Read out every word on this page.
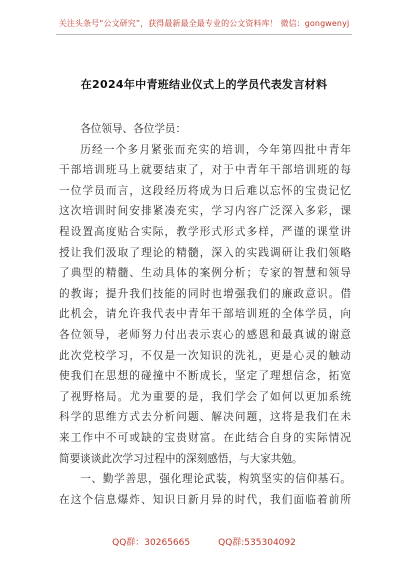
关注头条号“公文研究”，获得最新最全最专业的公文资料库！ 微信：gongwenyj
在2024年中青班结业仪式上的学员代表发言材料
各位领导、各位学员：
历经一个多月紧张而充实的培训，今年第四批中青年
干部培训班马上就要结束了，对于中青年干部培训班的每
一位学员而言，这段经历将成为日后难以忘怀的宝贵记忆
这次培训时间安排紧凑充实，学习内容广泛深入多彩，课
程设置高度贴合实际，教学形式形式多样，严谨的课堂讲
授让我们汲取了理论的精髓，深入的实践调研让我们领略
了典型的精髓、生动具体的案例分析；专家的智慧和领导
的教诲；提升我们技能的同时也增强我们的廉政意识。借
此机会，请允许我代表中青年干部培训班的全体学员，向
各位领导，老师努力付出表示衷心的感恩和最真诚的谢意
此次党校学习，不仅是一次知识的洗礼，更是心灵的触动
使我们在思想的碰撞中不断成长，坚定了理想信念，拓宽
了视野格局。尤为重要的是，我们学会了如何以更加系统
科学的思维方式去分析问题、解决问题，这将是我们在未
来工作中不可或缺的宝贵财富。在此结合自身的实际情况
简要谈谈此次学习过程中的深刻感悟，与大家共勉。
一、勤学善思，强化理论武装，构筑坚实的信仰基石。
在这个信息爆炸、知识日新月异的时代，我们面临着前所
QQ群：30265665	QQ群:535304092
